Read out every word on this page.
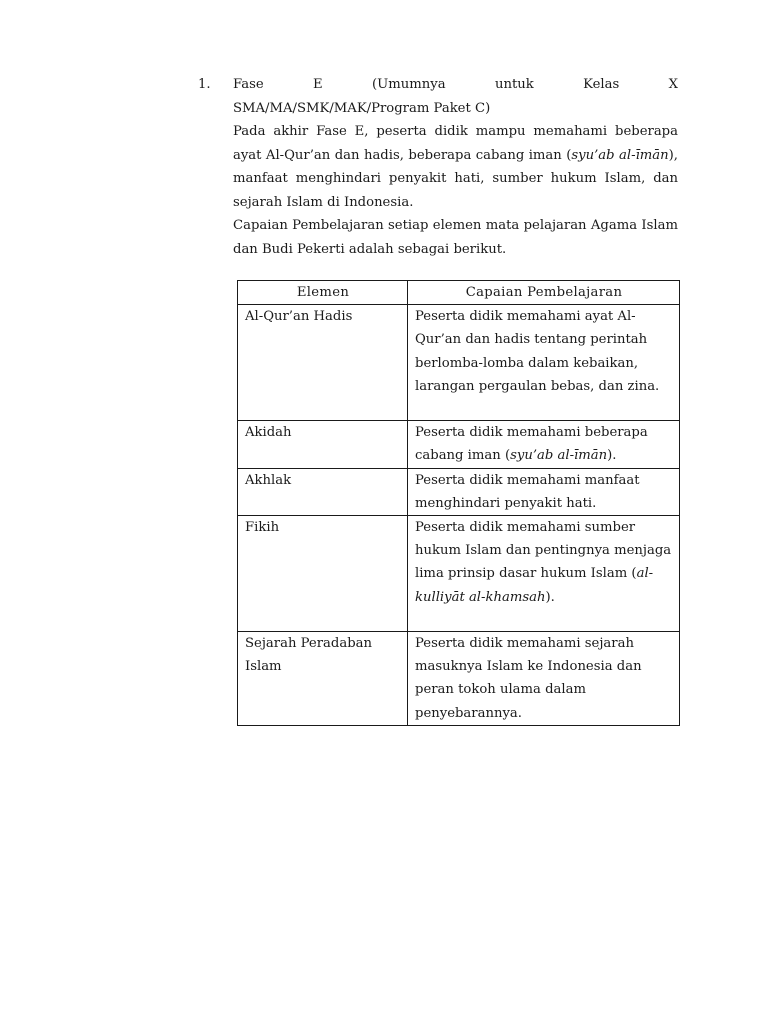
1. Fase	E	(Umumnya	untuk	Kelas	X

SMA/MA/SMK/MAK/Program Paket C)

Pada akhir Fase E, peserta didik mampu memahami beberapa ayat Al-Qur’an dan hadis, beberapa cabang iman (syu’ab al-īmān), manfaat menghindari penyakit hati, sumber hukum Islam, dan sejarah Islam di Indonesia.

Capaian Pembelajaran setiap elemen mata pelajaran Agama Islam dan Budi Pekerti adalah sebagai berikut.

Elemen	Capaian Pembelajaran
Al-Qur’an Hadis	Peserta didik memahami ayat Al-Qur’an dan hadis tentang perintah berlomba-lomba dalam kebaikan, larangan pergaulan bebas, dan zina.
Akidah	Peserta didik memahami beberapa cabang iman (syu’ab al-īmān).
Akhlak	Peserta didik memahami manfaat menghindari penyakit hati.
Fikih	Peserta didik memahami sumber hukum Islam dan pentingnya menjaga lima prinsip dasar hukum Islam (al-kulliyāt al-khamsah).
Sejarah Peradaban Islam	Peserta didik memahami sejarah masuknya Islam ke Indonesia dan peran tokoh ulama dalam penyebarannya.
